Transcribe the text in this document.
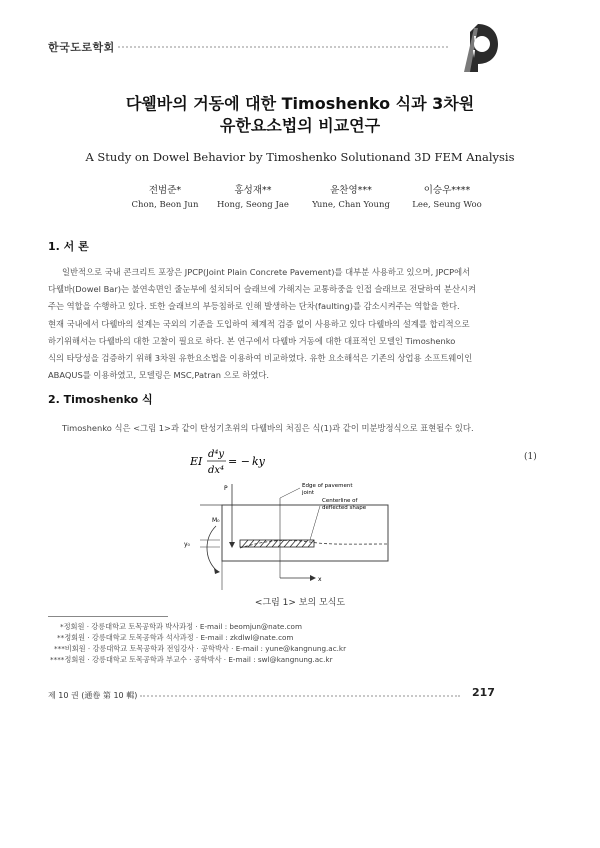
한국도로학회
다웰바의 거동에 대한 Timoshenko 식과 3차원
유한요소법의 비교연구
A Study on Dowel Behavior by Timoshenko Solutionand 3D FEM Analysis
전범준*
Chon, Beon Jun
홍성재**
Hong, Seong Jae
윤찬영***
Yune, Chan Young
이승우****
Lee, Seung Woo
1. 서 론
일반적으로 국내 콘크리트 포장은 JPCP(Joint Plain Concrete Pavement)를 대부분 사용하고 있으며, JPCP에서
다웰바(Dowel Bar)는 불연속면인 줄눈부에 설치되어 슬래브에 가해지는 교통하중을 인접 슬래브로 전달하여 분산시켜
주는 역할을 수행하고 있다. 또한 슬래브의 부등침하로 인해 발생하는 단차(faulting)를 감소시켜주는 역할을 한다.
현재 국내에서 다웰바의 설계는 국외의 기준을 도입하여 체계적 검증 없이 사용하고 있다 다웰바의 설계를 합리적으로
하기위해서는 다웰바의 대한 고찰이 필요로 하다. 본 연구에서 다웰바 거동에 대한 대표적인 모델인 Timoshenko
식의 타당성을 검증하기 위해 3차원 유한요소법을 이용하여 비교하였다. 유한 요소해석은 기존의 상업용 소프트웨이인
ABAQUS를 이용하였고, 모델링은 MSC,Patran 으로 하였다.
2. Timoshenko 식
Timoshenko 식은 <그림 1>과 같이 탄성기초위의 다웰바의 처짐은 식(1)과 같이 미분방정식으로 표현될수 있다.
EI
d⁴y
dx⁴
= − ky	(1)
P
M₀
Edge of pavement
joint
Centerline of
deflected shape
y₀
x
<그림 1> 보의 모식도
*정회원 · 강릉대학교 토목공학과 박사과정 · E-mail : beomjun@nate.com
**정회원 · 강릉대학교 토목공학과 석사과정 · E-mail : zkdlwl@nate.com
***비회원 · 강릉대학교 토목공학과 전임강사 · 공학박사 · E-mail : yune@kangnung.ac.kr
****정회원 · 강릉대학교 토목공학과 부교수 · 공학박사 · E-mail : swl@kangnung.ac.kr
제 10 권 (通卷 第 10 輯)	217
